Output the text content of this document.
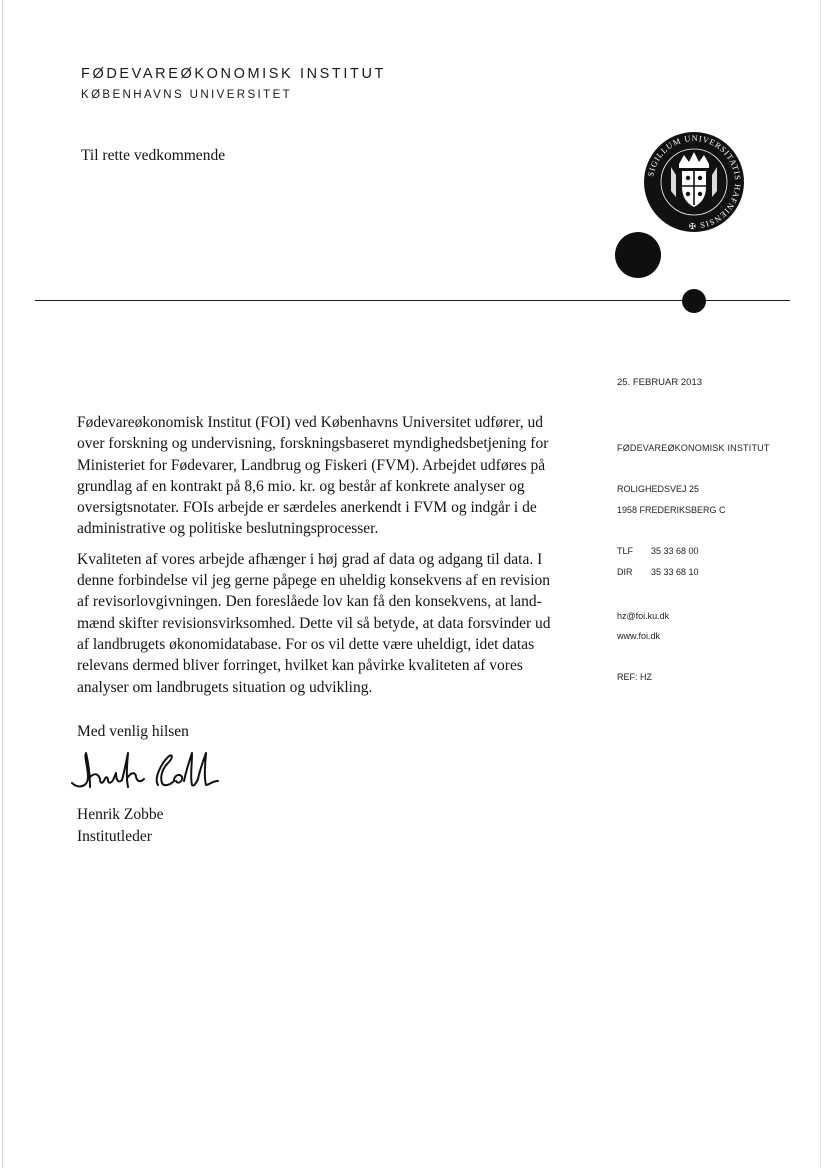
FØDEVAREØKONOMISK INSTITUT
KØBENHAVNS UNIVERSITET
Til rette vedkommende
SIGILLUM UNIVERSITATIS HAFNIENSIS ✠
25. FEBRUAR 2013
FØDEVAREØKONOMISK INSTITUT
ROLIGHEDSVEJ 25
1958 FREDERIKSBERG C
TLF 35 33 68 00
DIR 35 33 68 10
hz@foi.ku.dk
www.foi.dk
REF: HZ

Fødevareøkonomisk Institut (FOI) ved Københavns Universitet udfører, ud
over forskning og undervisning, forskningsbaseret myndighedsbetjening for
Ministeriet for Fødevarer, Landbrug og Fiskeri (FVM). Arbejdet udføres på
grundlag af en kontrakt på 8,6 mio. kr. og består af konkrete analyser og
oversigtsnotater. FOIs arbejde er særdeles anerkendt i FVM og indgår i de
administrative og politiske beslutningsprocesser.

Kvaliteten af vores arbejde afhænger i høj grad af data og adgang til data. I
denne forbindelse vil jeg gerne påpege en uheldig konsekvens af en revision
af revisorlovgivningen. Den foreslåede lov kan få den konsekvens, at land-
mænd skifter revisionsvirksomhed. Dette vil så betyde, at data forsvinder ud
af landbrugets økonomidatabase. For os vil dette være uheldigt, idet datas
relevans dermed bliver forringet, hvilket kan påvirke kvaliteten af vores
analyser om landbrugets situation og udvikling.

Med venlig hilsen
Henrik Zobbe
Institutleder
